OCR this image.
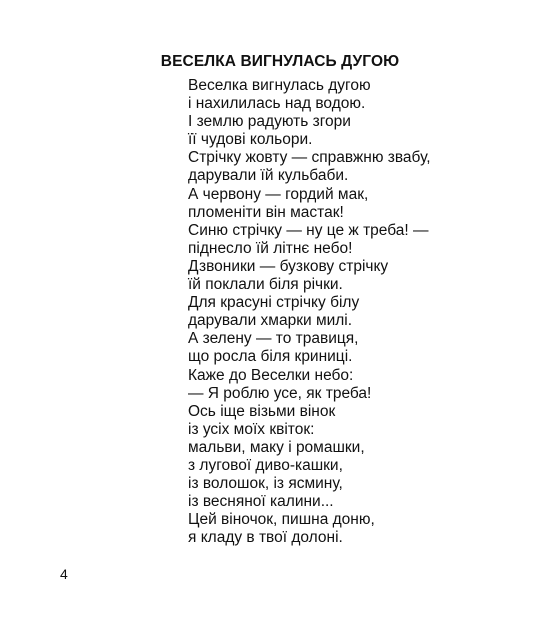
ВЕСЕЛКА ВИГНУЛАСЬ ДУГОЮ
Веселка вигнулась дугою
і нахилилась над водою.
І землю радують згори
її чудові кольори.
Стрічку жовту — справжню звабу,
дарували їй кульбаби.
А червону — гордий мак,
пломеніти він мастак!
Синю стрічку — ну це ж треба! —
піднесло їй літнє небо!
Дзвоники — бузкову стрічку
їй поклали біля річки.
Для красуні стрічку білу
дарували хмарки милі.
А зелену — то травиця,
що росла біля криниці.
Каже до Веселки небо:
— Я роблю усе, як треба!
Ось іще візьми вінок
із усіх моїх квіток:
мальви, маку і ромашки,
з лугової диво-кашки,
із волошок, із ясмину,
із весняної калини...
Цей віночок, пишна доню,
я кладу в твої долоні.
4
